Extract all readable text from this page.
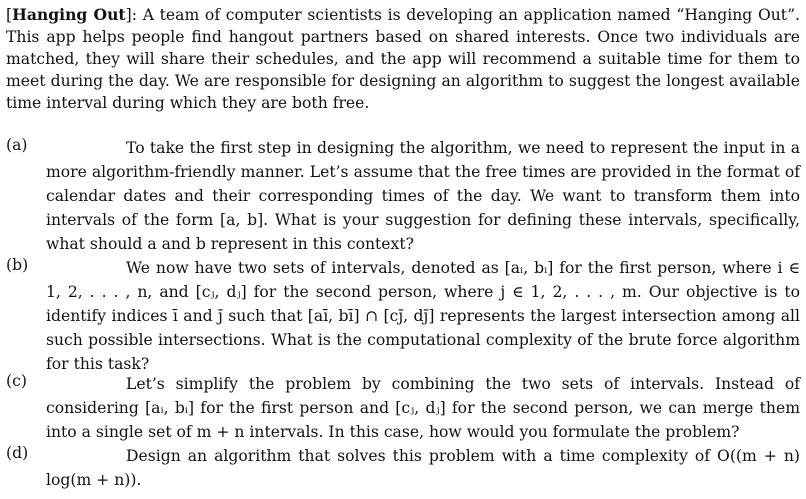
[Hanging Out]: A team of computer scientists is developing an application named “Hanging Out”. This app helps people find hangout partners based on shared interests. Once two individuals are matched, they will share their schedules, and the app will recommend a suitable time for them to meet during the day. We are responsible for designing an algorithm to suggest the longest available time interval during which they are both free.

(a)	To take the first step in designing the algorithm, we need to represent the input in a more algorithm-friendly manner. Let’s assume that the free times are provided in the format of calendar dates and their corresponding times of the day. We want to transform them into intervals of the form [a, b]. What is your suggestion for defining these intervals, specifically, what should a and b represent in this context?
(b)	We now have two sets of intervals, denoted as [aᵢ, bᵢ] for the first person, where i ∈ 1, 2, . . . , n, and [cⱼ, dⱼ] for the second person, where j ∈ 1, 2, . . . , m. Our objective is to identify indices ī and j̄ such that [aī, bī] ∩ [cj̄, dj̄] represents the largest intersection among all such possible intersections. What is the computational complexity of the brute force algorithm for this task?
(c)	Let’s simplify the problem by combining the two sets of intervals. Instead of considering [aᵢ, bᵢ] for the first person and [cⱼ, dⱼ] for the second person, we can merge them into a single set of m + n intervals. In this case, how would you formulate the problem?
(d)	Design an algorithm that solves this problem with a time complexity of O((m + n) log(m + n)).
